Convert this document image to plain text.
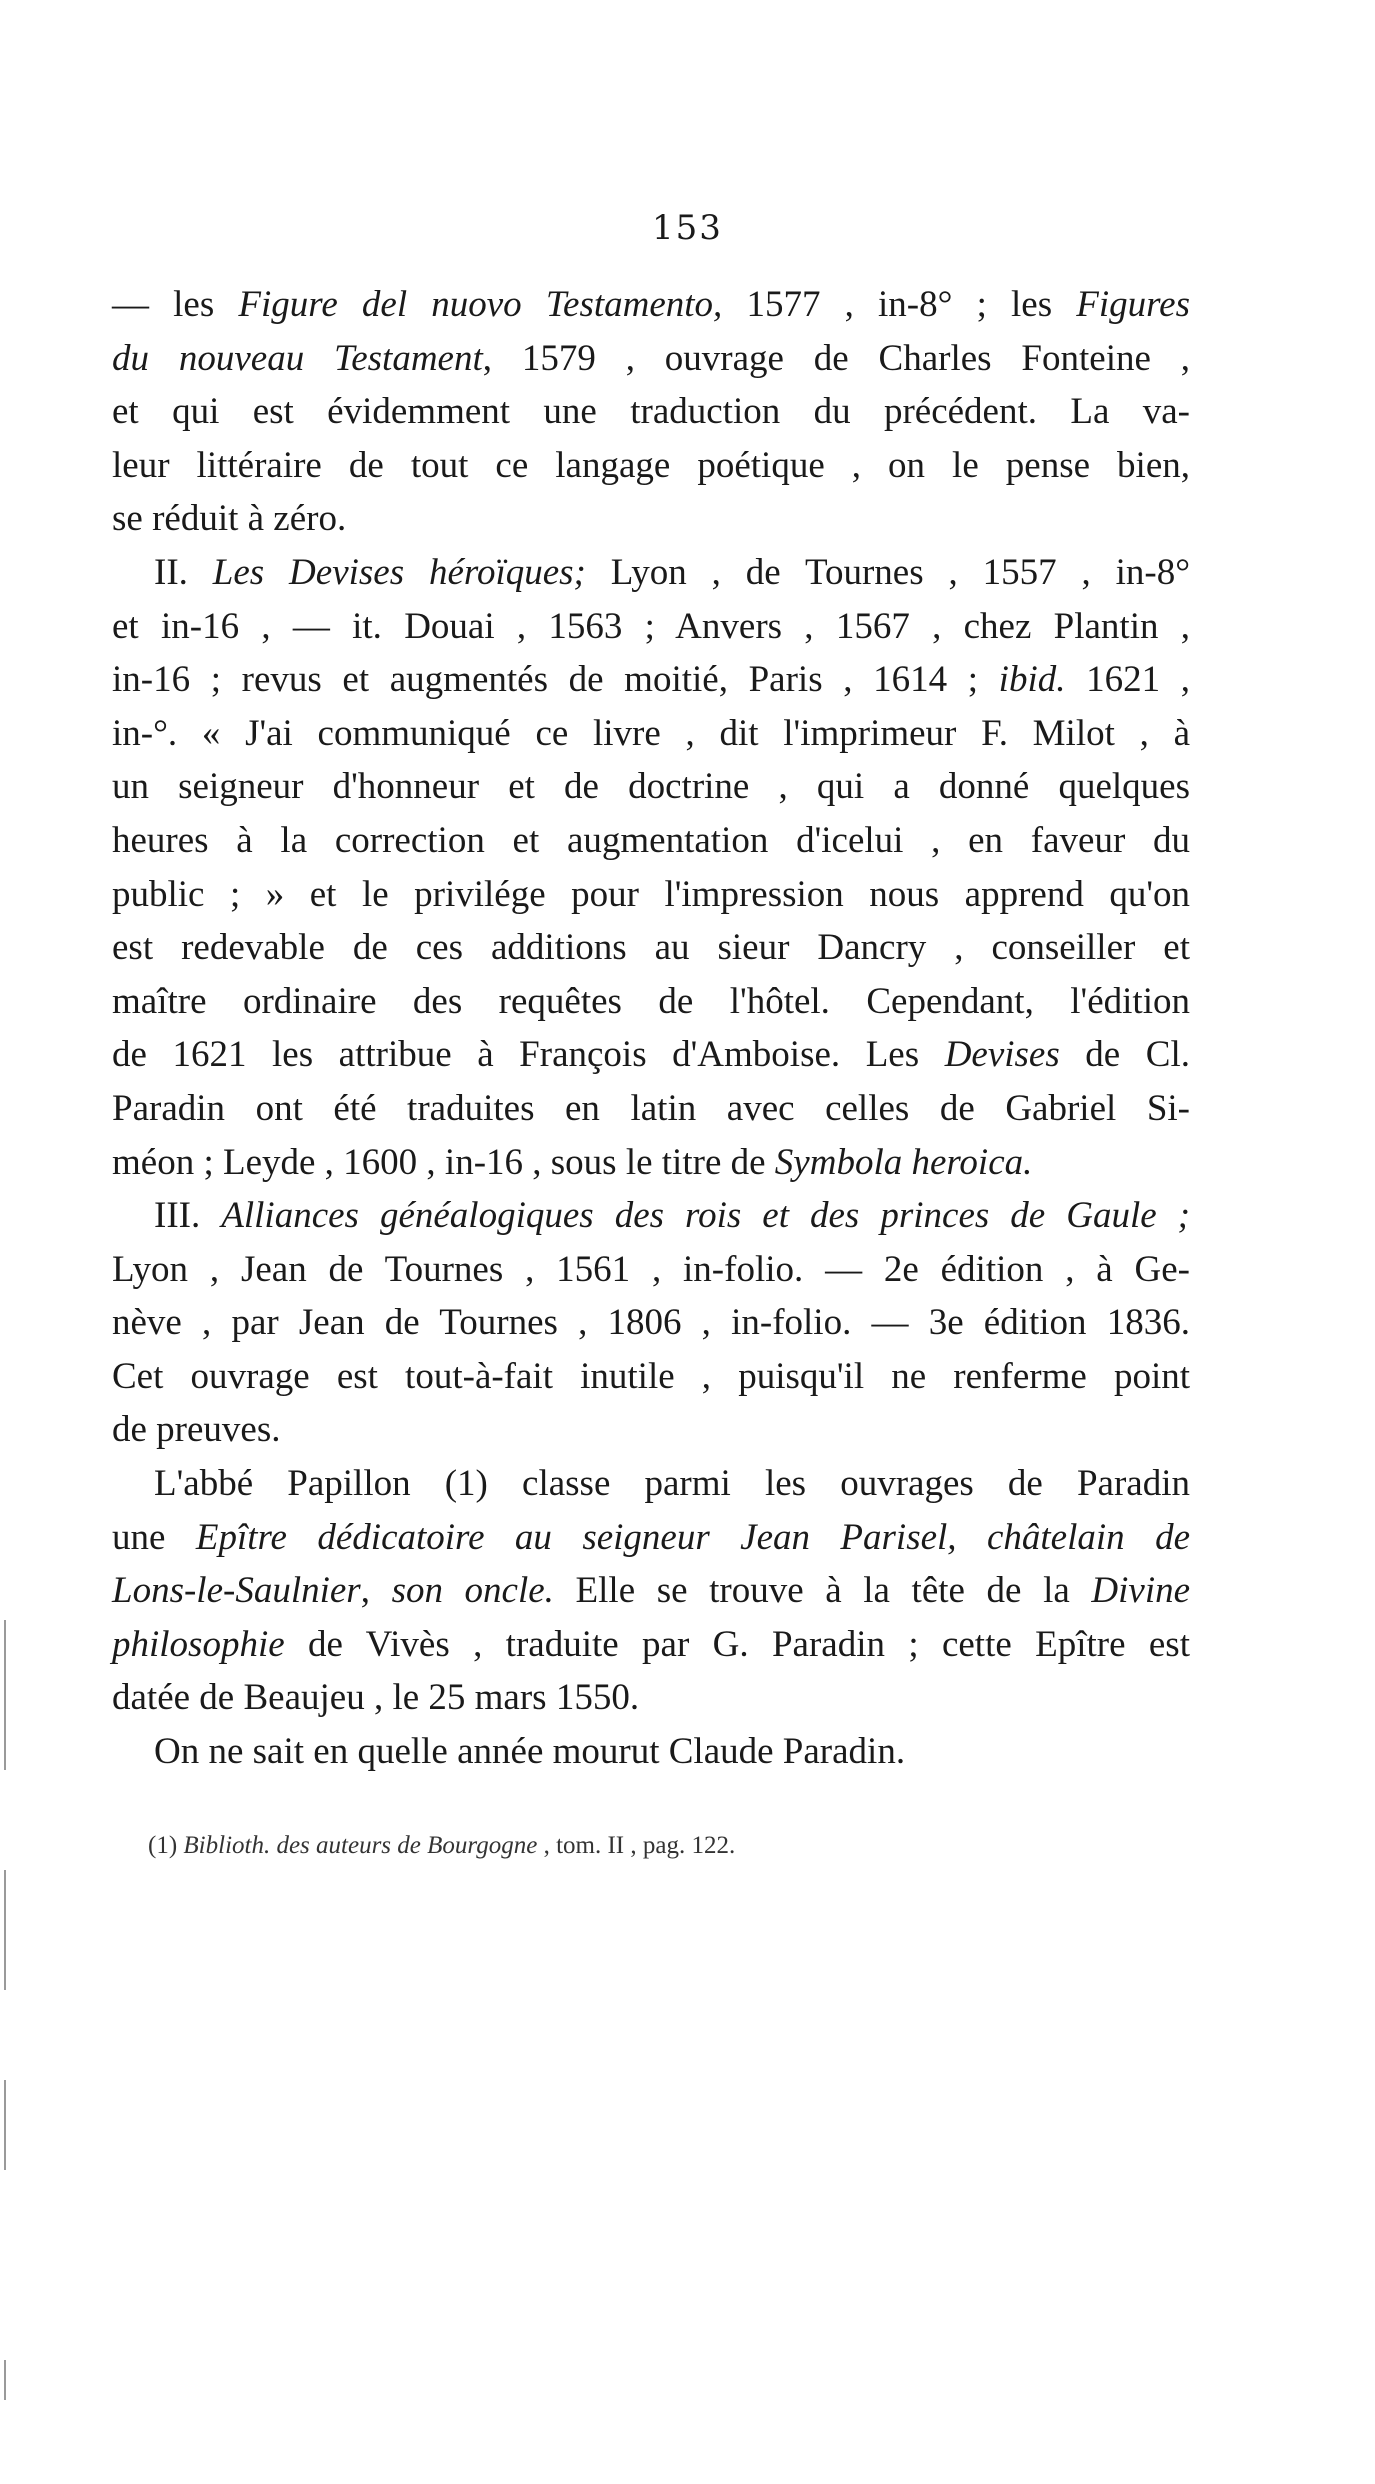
153
— les Figure del nuovo Testamento, 1577 , in-8° ; les Figures
du nouveau Testament, 1579 , ouvrage de Charles Fonteine ,
et qui est évidemment une traduction du précédent. La va-
leur littéraire de tout ce langage poétique , on le pense bien,
se réduit à zéro.
II. Les Devises héroïques; Lyon , de Tournes , 1557 , in-8°
et in-16 , — it. Douai , 1563 ; Anvers , 1567 , chez Plantin ,
in-16 ; revus et augmentés de moitié, Paris , 1614 ; ibid. 1621 ,
in-°. « J'ai communiqué ce livre , dit l'imprimeur F. Milot , à
un seigneur d'honneur et de doctrine , qui a donné quelques
heures à la correction et augmentation d'icelui , en faveur du
public ; » et le privilége pour l'impression nous apprend qu'on
est redevable de ces additions au sieur Dancry , conseiller et
maître ordinaire des requêtes de l'hôtel. Cependant, l'édition
de 1621 les attribue à François d'Amboise. Les Devises de Cl.
Paradin ont été traduites en latin avec celles de Gabriel Si-
méon ; Leyde , 1600 , in-16 , sous le titre de Symbola heroica.
III. Alliances généalogiques des rois et des princes de Gaule ;
Lyon , Jean de Tournes , 1561 , in-folio. — 2e édition , à Ge-
nève , par Jean de Tournes , 1806 , in-folio. — 3e édition 1836.
Cet ouvrage est tout-à-fait inutile , puisqu'il ne renferme point
de preuves.
L'abbé Papillon (1) classe parmi les ouvrages de Paradin
une Epître dédicatoire au seigneur Jean Parisel, châtelain de
Lons-le-Saulnier, son oncle. Elle se trouve à la tête de la Divine
philosophie de Vivès , traduite par G. Paradin ; cette Epître est
datée de Beaujeu , le 25 mars 1550.
On ne sait en quelle année mourut Claude Paradin.
(1) Biblioth. des auteurs de Bourgogne , tom. II , pag. 122.
